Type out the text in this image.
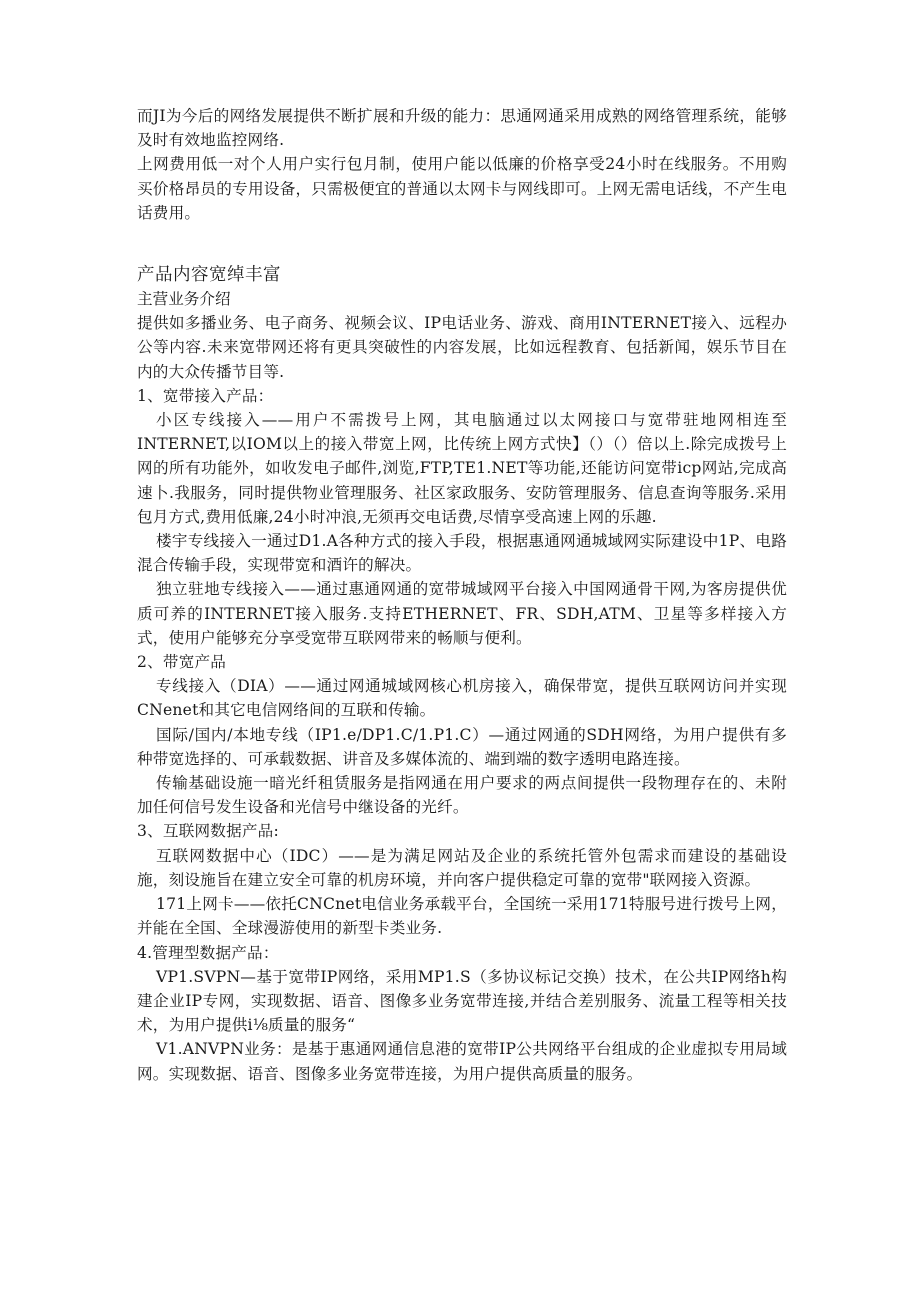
而JI为今后的网络发展提供不断扩展和升级的能力：思通网通采用成熟的网络管理系统，能够及时有效地监控网络.

上网费用低一对个人用户实行包月制，使用户能以低廉的价格享受24小时在线服务。不用购买价格昂员的专用设备，只需极便宜的普通以太网卡与网线即可。上网无需电话线，不产生电话费用。

产品内容宽绰丰富

主营业务介绍

提供如多播业务、电子商务、视频会议、IP电话业务、游戏、商用INTERNET接入、远程办公等内容.未来宽带网还将有更具突破性的内容发展，比如远程教育、包括新闻，娱乐节目在内的大众传播节目等.

1、宽带接入产品：

小区专线接入——用户不需拨号上网，其电脑通过以太网接口与宽带驻地网相连至INTERNET,以IOM以上的接入带宽上网，比传统上网方式快】（）（）倍以上.除完成拨号上网的所有功能外，如收发电子邮件,浏览,FTP,TE1.NET等功能,还能访问宽带icp网站,完成高速卜.我服务，同时提供物业管理服务、社区家政服务、安防管理服务、信息查询等服务.采用包月方式,费用低廉,24小时冲浪,无须再交电话费,尽情享受高速上网的乐趣.

楼宇专线接入一通过D1.A各种方式的接入手段，根据惠通网通城域网实际建设中1P、电路混合传输手段，实现带宽和酒许的解决。

独立驻地专线接入——通过惠通网通的宽带城域网平台接入中国网通骨干网,为客房提供优质可养的INTERNET接入服务.支持ETHERNET、FR、SDH,ATM、卫星等多样接入方式，使用户能够充分享受宽带互联网带来的畅顺与便利。

2、带宽产品

专线接入（DIA）——通过网通城域网核心机房接入，确保带宽，提供互联网访问并实现CNenet和其它电信网络间的互联和传输。

国际/国内/本地专线（IP1.e∕DP1.C∕1.P1.C）—通过网通的SDH网络，为用户提供有多种带宽选择的、可承载数据、讲音及多媒体流的、端到端的数字透明电路连接。

传输基础设施一暗光纤租赁服务是指网通在用户要求的两点间提供一段物理存在的、未附加任何信号发生设备和光信号中继设备的光纤。

3、互联网数据产品:

互联网数据中心（IDC）——是为满足网站及企业的系统托管外包需求而建设的基础设施，刻设施旨在建立安全可靠的机房环境，并向客户提供稳定可靠的宽带"联网接入资源。

171上网卡——依托CNCnet电信业务承载平台，全国统一采用171特服号进行拨号上网，并能在全国、全球漫游使用的新型卡类业务.

4.管理型数据产品：

VP1.SVPN—基于宽带IP网络，采用MP1.S（多协议标记交换）技术，在公共IP网络h构建企业IP专网，实现数据、语音、图像多业务宽带连接,并结合差别服务、流量工程等相关技术，为用户提供i⅛质量的服务“

V1.ANVPN业务：是基于惠通网通信息港的宽带IP公共网络平台组成的企业虚拟专用局域网。实现数据、语音、图像多业务宽带连接，为用户提供高质量的服务。
